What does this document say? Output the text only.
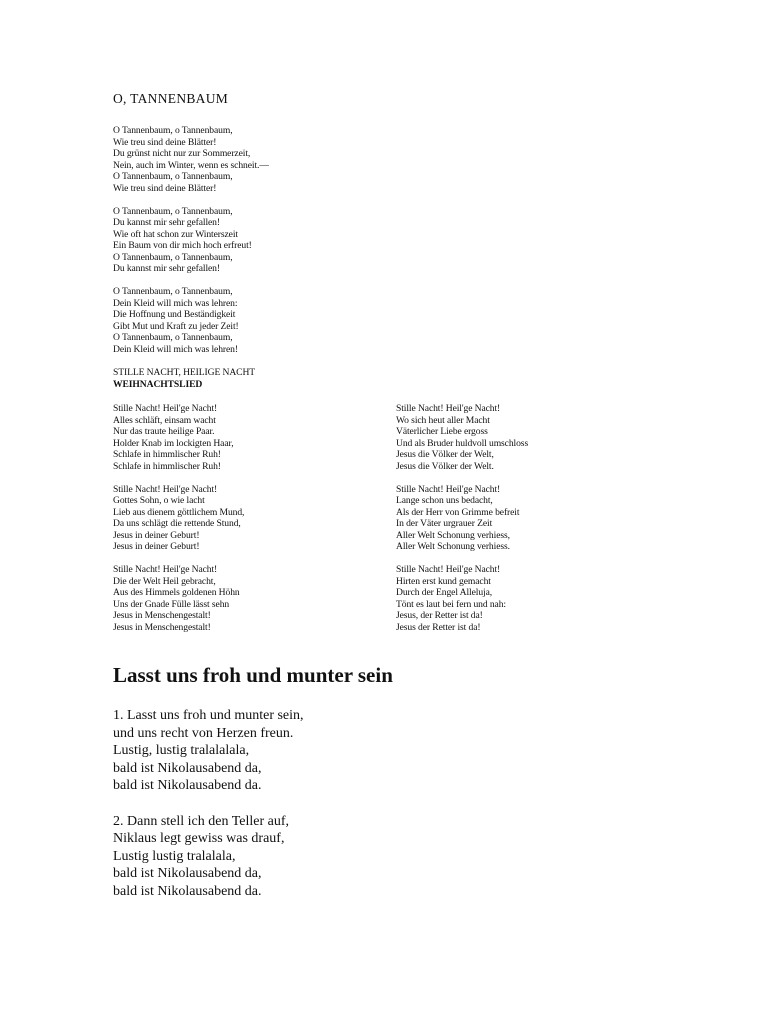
O, TANNENBAUM
O Tannenbaum, o Tannenbaum,
Wie treu sind deine Blätter!
Du grünst nicht nur zur Sommerzeit,
Nein, auch im Winter, wenn es schneit.—
O Tannenbaum, o Tannenbaum,
Wie treu sind deine Blätter!
O Tannenbaum, o Tannenbaum,
Du kannst mir sehr gefallen!
Wie oft hat schon zur Winterszeit
Ein Baum von dir mich hoch erfreut!
O Tannenbaum, o Tannenbaum,
Du kannst mir sehr gefallen!
O Tannenbaum, o Tannenbaum,
Dein Kleid will mich was lehren:
Die Hoffnung und Beständigkeit
Gibt Mut und Kraft zu jeder Zeit!
O Tannenbaum, o Tannenbaum,
Dein Kleid will mich was lehren!
STILLE NACHT, HEILIGE NACHT
WEIHNACHTSLIED
Stille Nacht! Heil'ge Nacht!
Alles schläft, einsam wacht
Nur das traute heilige Paar.
Holder Knab im lockigten Haar,
Schlafe in himmlischer Ruh!
Schlafe in himmlischer Ruh!
Stille Nacht! Heil'ge Nacht!
Gottes Sohn, o wie lacht
Lieb aus dienem göttlichem Mund,
Da uns schlägt die rettende Stund,
Jesus in deiner Geburt!
Jesus in deiner Geburt!
Stille Nacht! Heil'ge Nacht!
Die der Welt Heil gebracht,
Aus des Himmels goldenen Höhn
Uns der Gnade Fülle lässt sehn
Jesus in Menschengestalt!
Jesus in Menschengestalt!
Stille Nacht! Heil'ge Nacht!
Wo sich heut aller Macht
Väterlicher Liebe ergoss
Und als Bruder huldvoll umschloss
Jesus die Völker der Welt,
Jesus die Völker der Welt.
Stille Nacht! Heil'ge Nacht!
Lange schon uns bedacht,
Als der Herr von Grimme befreit
In der Väter urgrauer Zeit
Aller Welt Schonung verhiess,
Aller Welt Schonung verhiess.
Stille Nacht! Heil'ge Nacht!
Hirten erst kund gemacht
Durch der Engel Alleluja,
Tönt es laut bei fern und nah:
Jesus, der Retter ist da!
Jesus der Retter ist da!
Lasst uns froh und munter sein
1. Lasst uns froh und munter sein,
und uns recht von Herzen freun.
Lustig, lustig tralalalala,
bald ist Nikolausabend da,
bald ist Nikolausabend da.
2. Dann stell ich den Teller auf,
Niklaus legt gewiss was drauf,
Lustig lustig tralalala,
bald ist Nikolausabend da,
bald ist Nikolausabend da.
